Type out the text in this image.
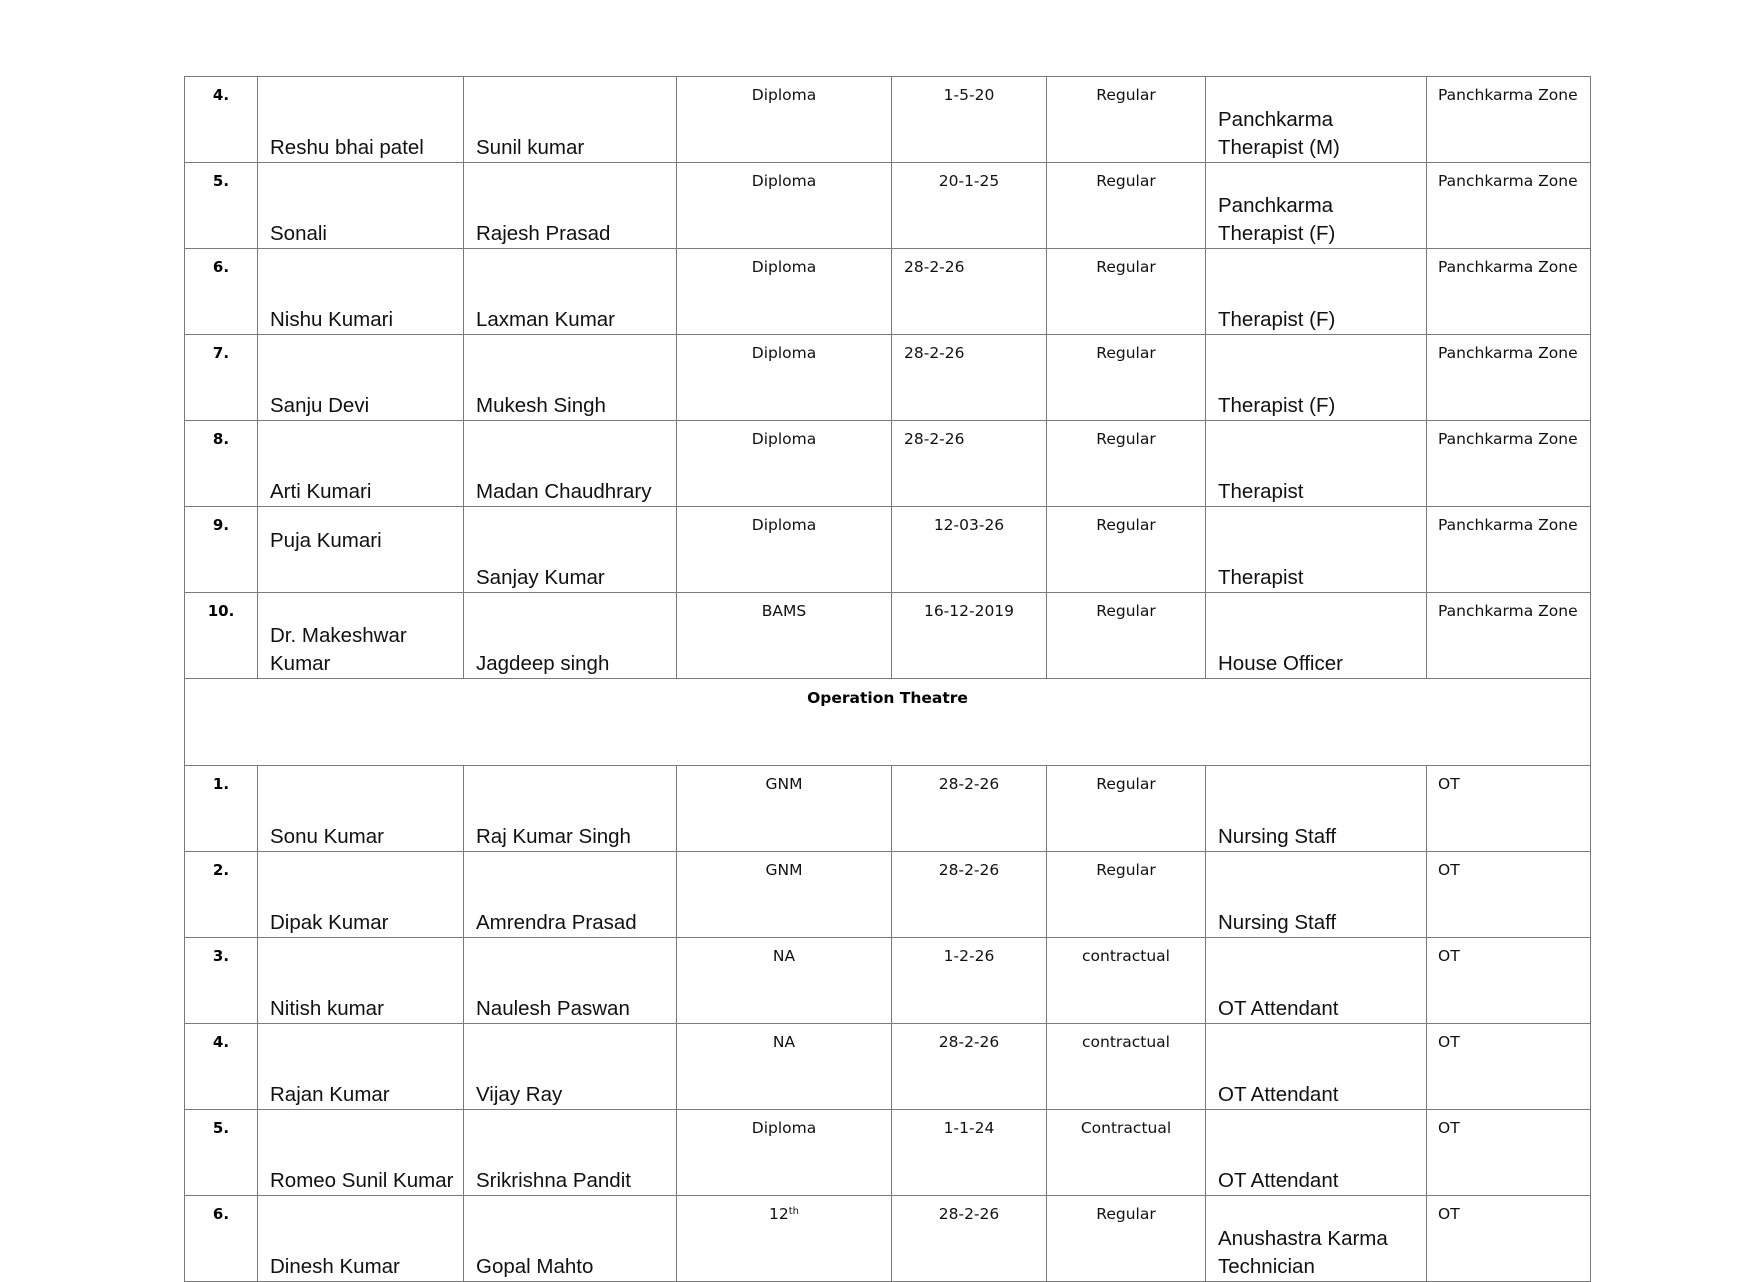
4.	Reshu bhai patel	Sunil kumar	Diploma	1-5-20	Regular	Panchkarma Therapist (M)	Panchkarma Zone
5.	Sonali	Rajesh Prasad	Diploma	20-1-25	Regular	Panchkarma Therapist (F)	Panchkarma Zone
6.	Nishu Kumari	Laxman Kumar	Diploma	28-2-26	Regular	Therapist (F)	Panchkarma Zone
7.	Sanju Devi	Mukesh Singh	Diploma	28-2-26	Regular	Therapist (F)	Panchkarma Zone
8.	Arti Kumari	Madan Chaudhrary	Diploma	28-2-26	Regular	Therapist	Panchkarma Zone
9.	Puja Kumari	Sanjay Kumar	Diploma	12-03-26	Regular	Therapist	Panchkarma Zone
10.	Dr. Makeshwar Kumar	Jagdeep singh	BAMS	16-12-2019	Regular	House Officer	Panchkarma Zone
Operation Theatre							
1.	Sonu Kumar	Raj Kumar Singh	GNM	28-2-26	Regular	Nursing Staff	OT
2.	Dipak Kumar	Amrendra Prasad	GNM	28-2-26	Regular	Nursing Staff	OT
3.	Nitish kumar	Naulesh Paswan	NA	1-2-26	contractual	OT Attendant	OT
4.	Rajan Kumar	Vijay Ray	NA	28-2-26	contractual	OT Attendant	OT
5.	Romeo Sunil Kumar	Srikrishna Pandit	Diploma	1-1-24	Contractual	OT Attendant	OT
6.	Dinesh Kumar	Gopal Mahto	12th	28-2-26	Regular	Anushastra Karma Technician	OT
